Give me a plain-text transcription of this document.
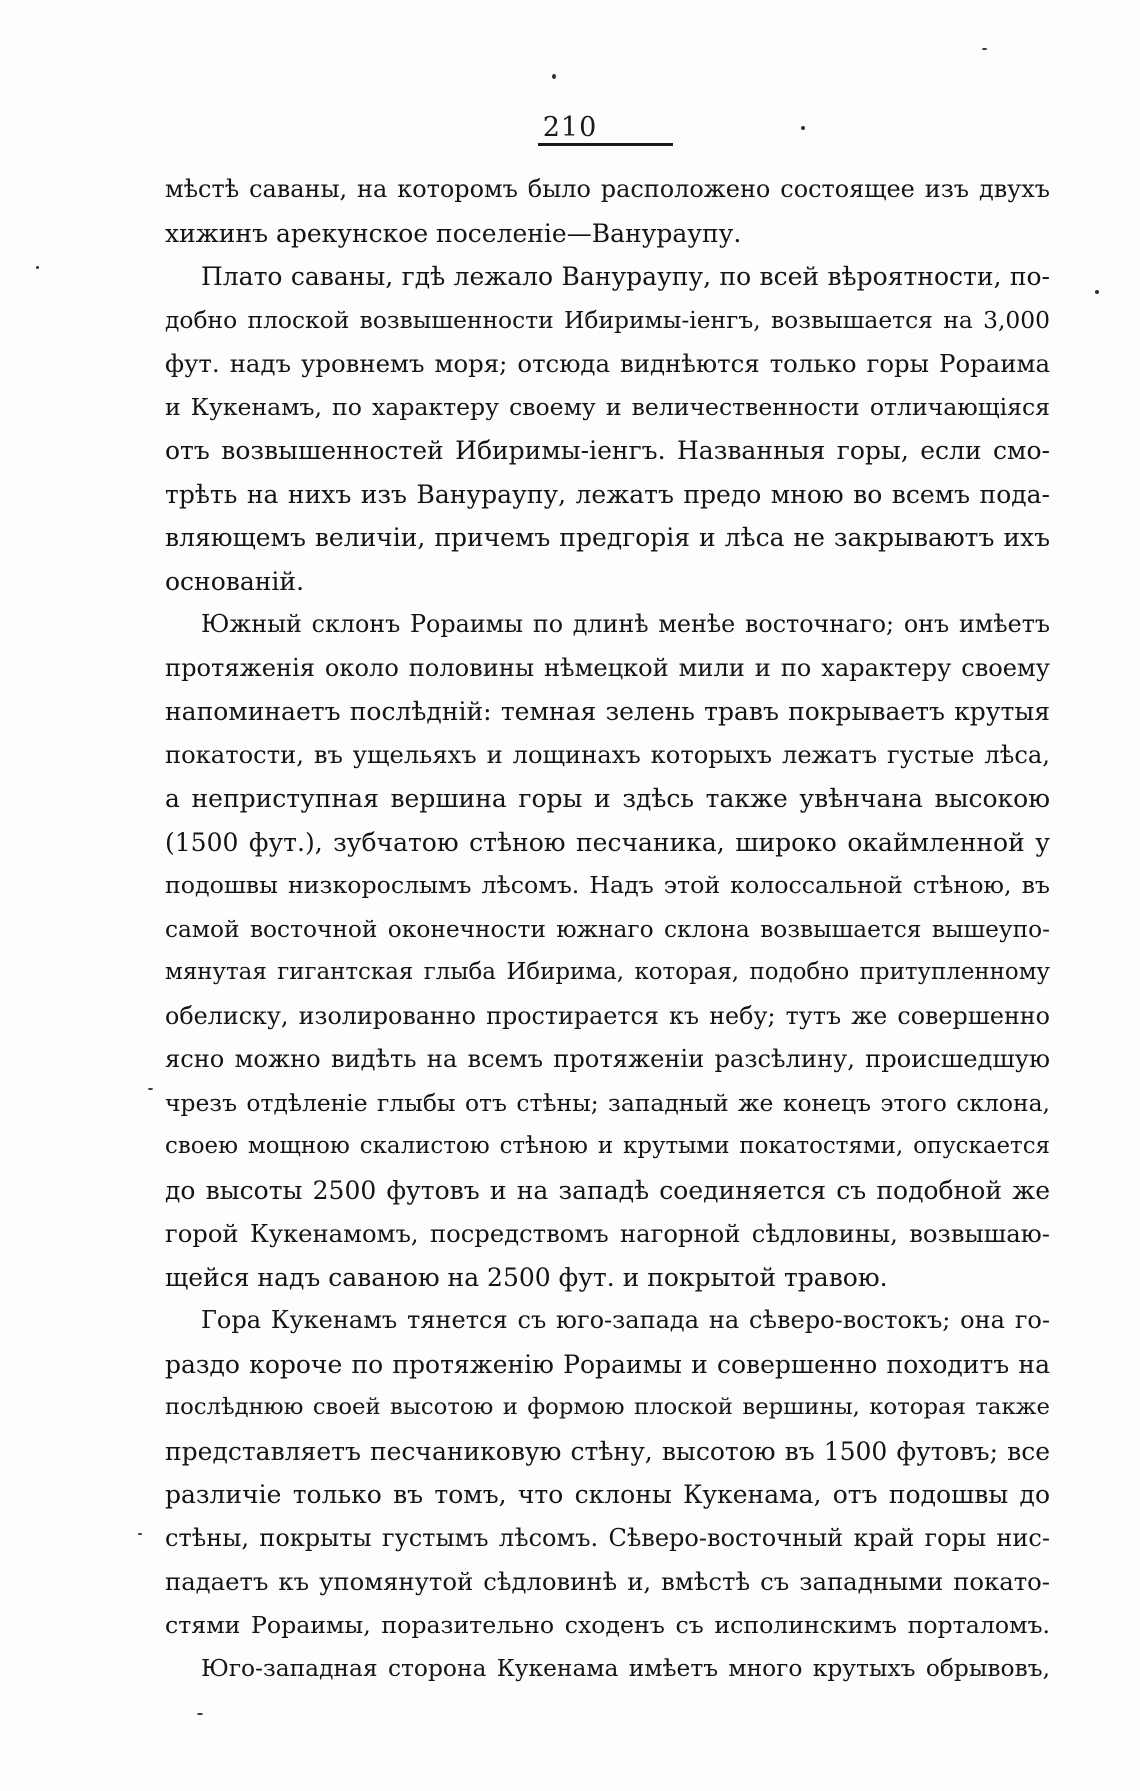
210
мѣстѣ саваны, на которомъ было расположено состоящее изъ двухъ
хижинъ арекунское поселеніе—Ванураупу.
Плато саваны, гдѣ лежало Ванураупу, по всей вѣроятности, по-
добно плоской возвышенности Ибиримы-іенгъ, возвышается на 3,000
фут. надъ уровнемъ моря; отсюда виднѣются только горы Рораима
и Кукенамъ, по характеру своему и величественности отличающіяся
отъ возвышенностей Ибиримы-іенгъ. Названныя горы, если смо-
трѣть на нихъ изъ Ванураупу, лежатъ предо мною во всемъ пода-
вляющемъ величіи, причемъ предгорія и лѣса не закрываютъ ихъ
основаній.
Южный склонъ Рораимы по длинѣ менѣе восточнаго; онъ имѣетъ
протяженія около половины нѣмецкой мили и по характеру своему
напоминаетъ послѣдній: темная зелень травъ покрываетъ крутыя
покатости, въ ущельяхъ и лощинахъ которыхъ лежатъ густые лѣса,
а неприступная вершина горы и здѣсь также увѣнчана высокою
(1500 фут.), зубчатою стѣною песчаника, широко окаймленной у
подошвы низкорослымъ лѣсомъ. Надъ этой колоссальной стѣною, въ
самой восточной оконечности южнаго склона возвышается вышеупо-
мянутая гигантская глыба Ибирима, которая, подобно притупленному
обелиску, изолированно простирается къ небу; тутъ же совершенно
ясно можно видѣть на всемъ протяженіи разсѣлину, происшедшую
чрезъ отдѣленіе глыбы отъ стѣны; западный же конецъ этого склона,
своею мощною скалистою стѣною и крутыми покатостями, опускается
до высоты 2500 футовъ и на западѣ соединяется съ подобной же
горой Кукенамомъ, посредствомъ нагорной сѣдловины, возвышаю-
щейся надъ саваною на 2500 фут. и покрытой травою.
Гора Кукенамъ тянется съ юго-запада на сѣверо-востокъ; она го-
раздо короче по протяженію Рораимы и совершенно походитъ на
послѣднюю своей высотою и формою плоской вершины, которая также
представляетъ песчаниковую стѣну, высотою въ 1500 футовъ; все
различіе только въ томъ, что склоны Кукенама, отъ подошвы до
стѣны, покрыты густымъ лѣсомъ. Сѣверо-восточный край горы нис-
падаетъ къ упомянутой сѣдловинѣ и, вмѣстѣ съ западными покато-
стями Рораимы, поразительно сходенъ съ исполинскимъ порталомъ.
Юго-западная сторона Кукенама имѣетъ много крутыхъ обрывовъ,
